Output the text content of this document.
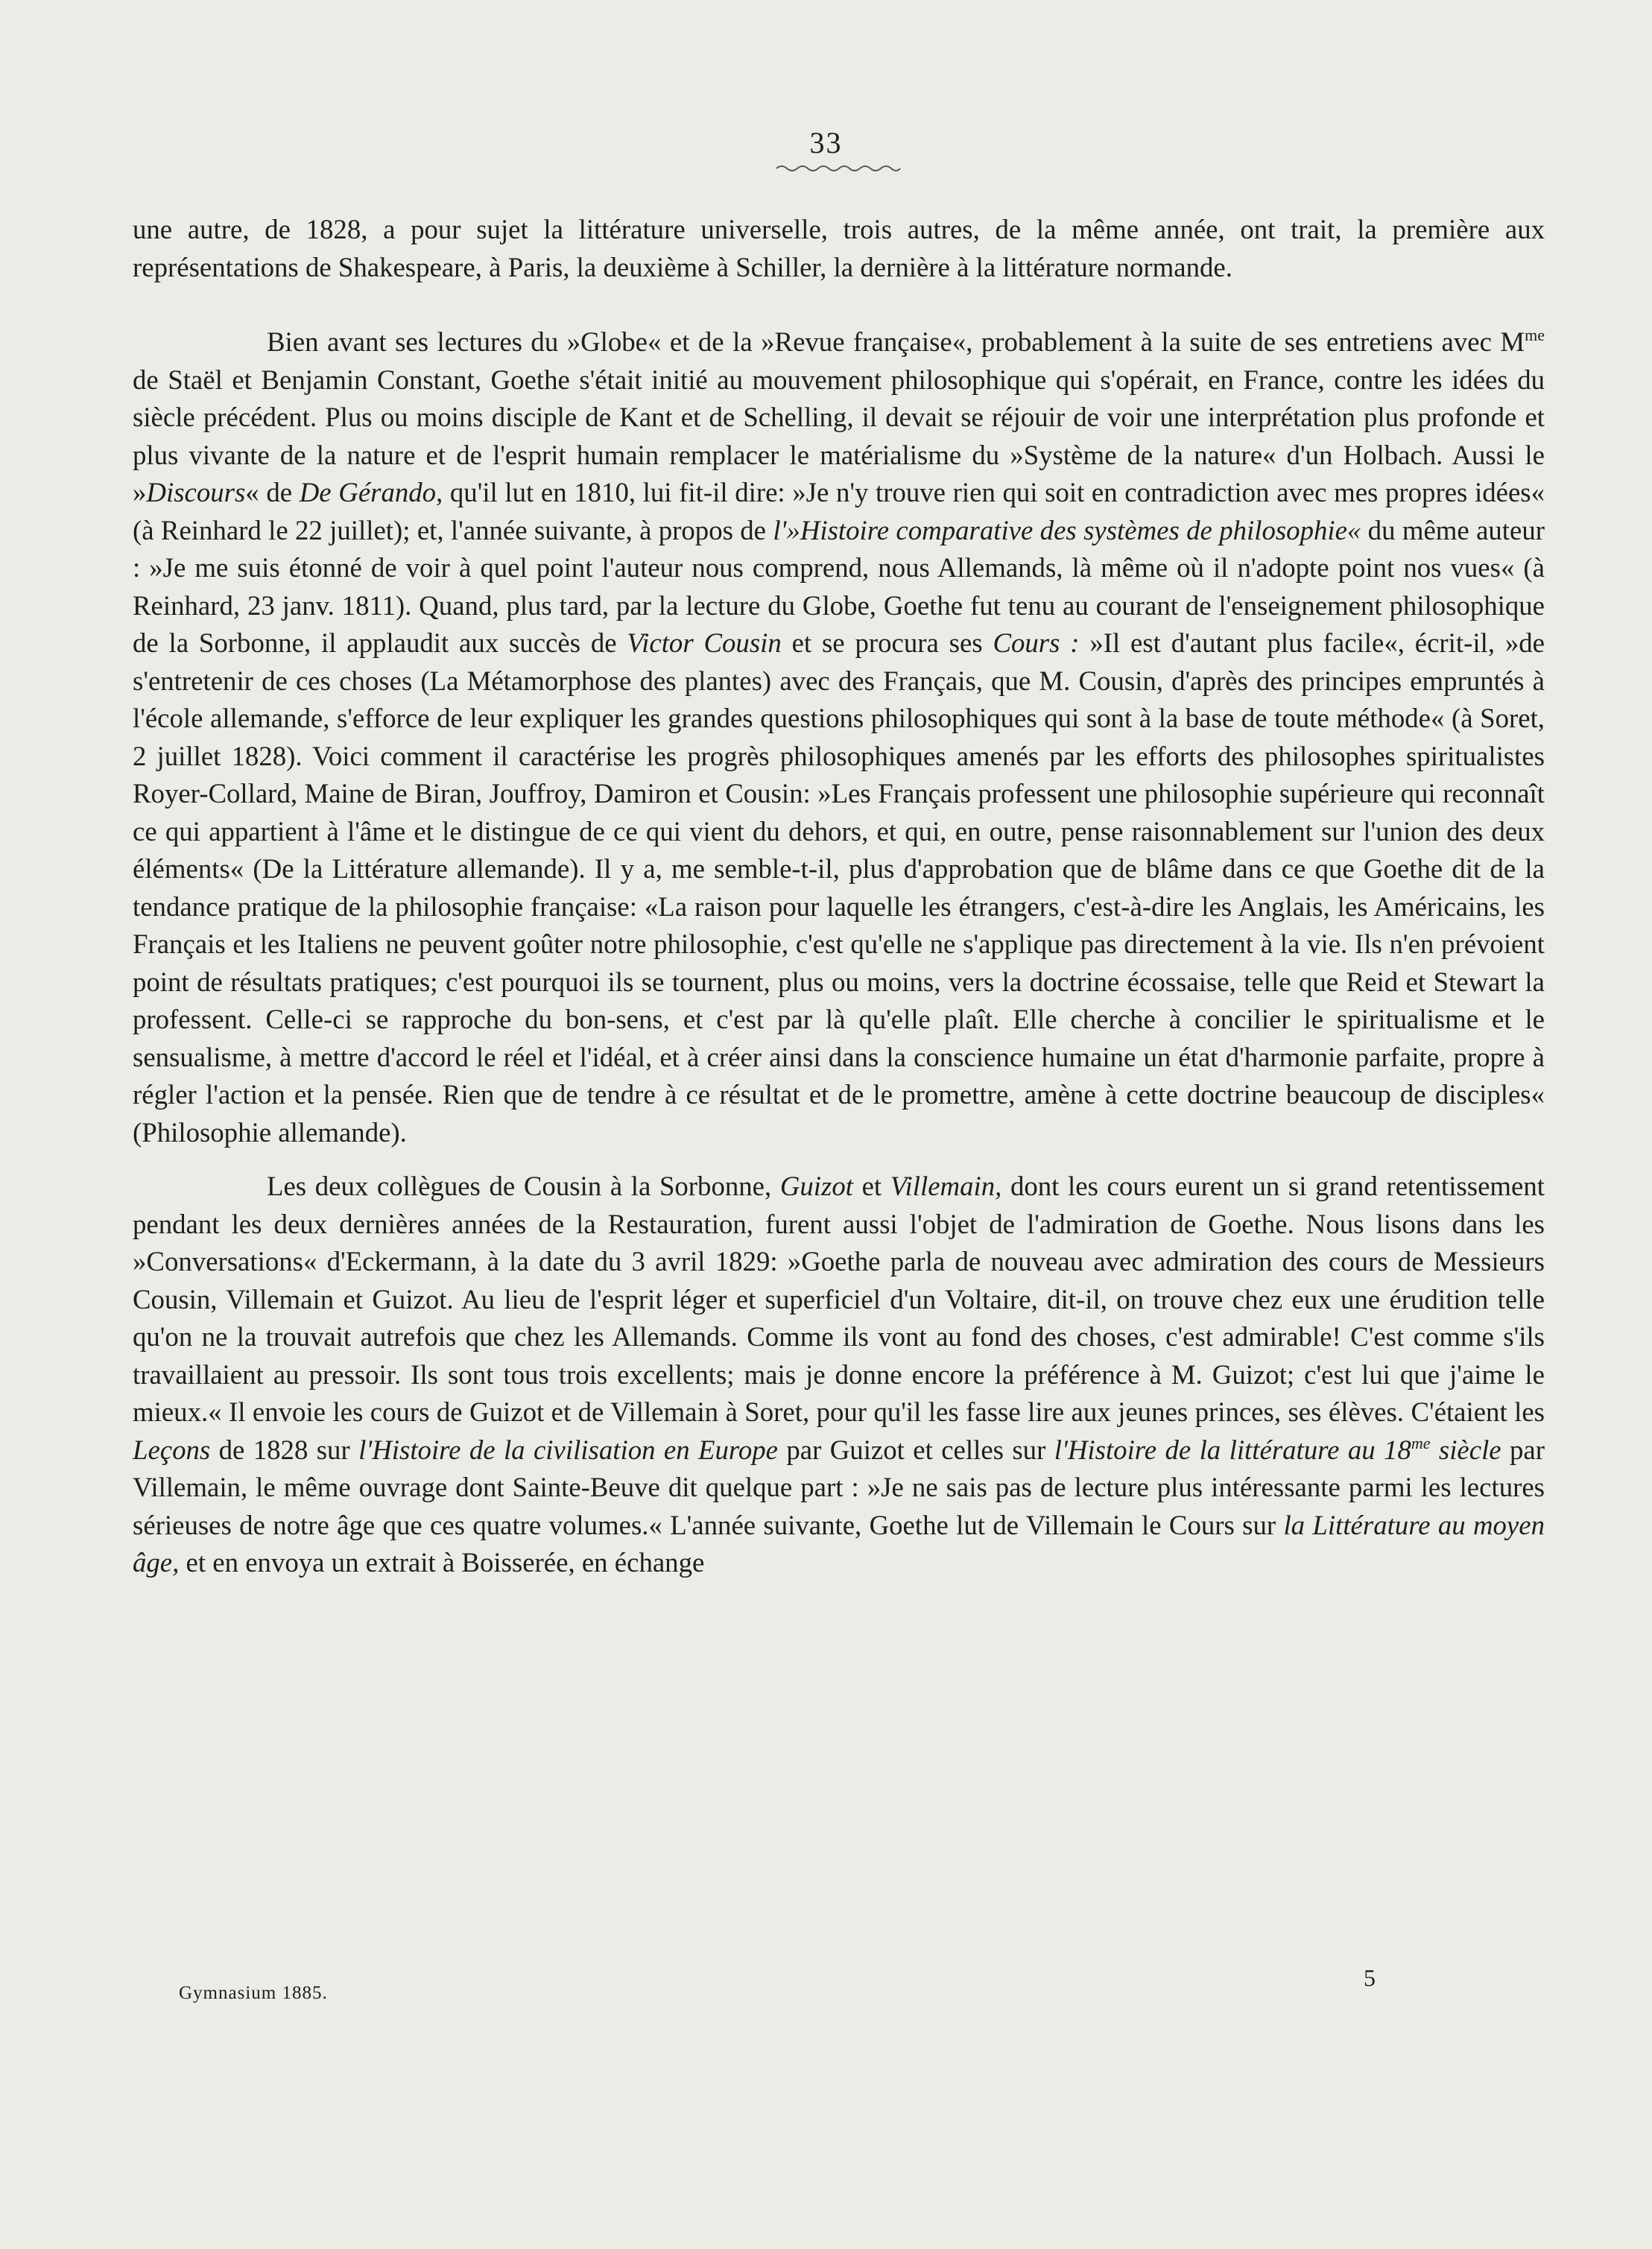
33

une autre, de 1828, a pour sujet la littérature universelle, trois autres, de la même année, ont trait, la première aux représentations de Shakespeare, à Paris, la deuxième à Schiller, la dernière à la littérature normande.

Bien avant ses lectures du »Globe« et de la »Revue française«, probablement à la suite de ses entretiens avec $M^{me}$ de Staël et Benjamin Constant, Goethe s'était initié au mouvement philosophique qui s'opérait, en France, contre les idées du siècle précédent. Plus ou moins disciple de Kant et de Schelling, il devait se réjouir de voir une interprétation plus profonde et plus vivante de la nature et de l'esprit humain remplacer le matérialisme du »Système de la nature« d'un Holbach. Aussi le »Discours« de De Gérando, qu'il lut en 1810, lui fit-il dire: »Je n'y trouve rien qui soit en contradiction avec mes propres idées« (à Reinhard le 22 juillet); et, l'année suivante, à propos de l'»Histoire comparative des systèmes de philosophie« du même auteur : »Je me suis étonné de voir à quel point l'auteur nous comprend, nous Allemands, là même où il n'adopte point nos vues« (à Reinhard, 23 janv. 1811). Quand, plus tard, par la lecture du Globe, Goethe fut tenu au courant de l'enseignement philosophique de la Sorbonne, il applaudit aux succès de Victor Cousin et se procura ses Cours : »Il est d'autant plus facile«, écrit-il, »de s'entretenir de ces choses (La Métamorphose des plantes) avec des Français, que M. Cousin, d'après des principes empruntés à l'école allemande, s'efforce de leur expliquer les grandes questions philosophiques qui sont à la base de toute méthode« (à Soret, 2 juillet 1828). Voici comment il caractérise les progrès philosophiques amenés par les efforts des philosophes spiritualistes Royer-Collard, Maine de Biran, Jouffroy, Damiron et Cousin: »Les Français professent une philosophie supérieure qui reconnaît ce qui appartient à l'âme et le distingue de ce qui vient du dehors, et qui, en outre, pense raisonnablement sur l'union des deux éléments« (De la Littérature allemande). Il y a, me semble-t-il, plus d'approbation que de blâme dans ce que Goethe dit de la tendance pratique de la philosophie française: «La raison pour laquelle les étrangers, c'est-à-dire les Anglais, les Américains, les Français et les Italiens ne peuvent goûter notre philosophie, c'est qu'elle ne s'applique pas directement à la vie. Ils n'en prévoient point de résultats pratiques; c'est pourquoi ils se tournent, plus ou moins, vers la doctrine écossaise, telle que Reid et Stewart la professent. Celle-ci se rapproche du bon-sens, et c'est par là qu'elle plaît. Elle cherche à concilier le spiritualisme et le sensualisme, à mettre d'accord le réel et l'idéal, et à créer ainsi dans la conscience humaine un état d'harmonie parfaite, propre à régler l'action et la pensée. Rien que de tendre à ce résultat et de le promettre, amène à cette doctrine beaucoup de disciples« (Philosophie allemande).

Les deux collègues de Cousin à la Sorbonne, Guizot et Villemain, dont les cours eurent un si grand retentissement pendant les deux dernières années de la Restauration, furent aussi l'objet de l'admiration de Goethe. Nous lisons dans les »Conversations« d'Eckermann, à la date du 3 avril 1829: »Goethe parla de nouveau avec admiration des cours de Messieurs Cousin, Villemain et Guizot. Au lieu de l'esprit léger et superficiel d'un Voltaire, dit-il, on trouve chez eux une érudition telle qu'on ne la trouvait autrefois que chez les Allemands. Comme ils vont au fond des choses, c'est admirable! C'est comme s'ils travaillaient au pressoir. Ils sont tous trois excellents; mais je donne encore la préférence à M. Guizot; c'est lui que j'aime le mieux.« Il envoie les cours de Guizot et de Villemain à Soret, pour qu'il les fasse lire aux jeunes princes, ses élèves. C'étaient les Leçons de 1828 sur l'Histoire de la civilisation en Europe par Guizot et celles sur l'Histoire de la littérature au $18^{me}$ siècle par Villemain, le même ouvrage dont Sainte-Beuve dit quelque part : »Je ne sais pas de lecture plus intéressante parmi les lectures sérieuses de notre âge que ces quatre volumes.« L'année suivante, Goethe lut de Villemain le Cours sur la Littérature au moyen âge, et en envoya un extrait à Boisserée, en échange

Gymnasium 1885.
5
